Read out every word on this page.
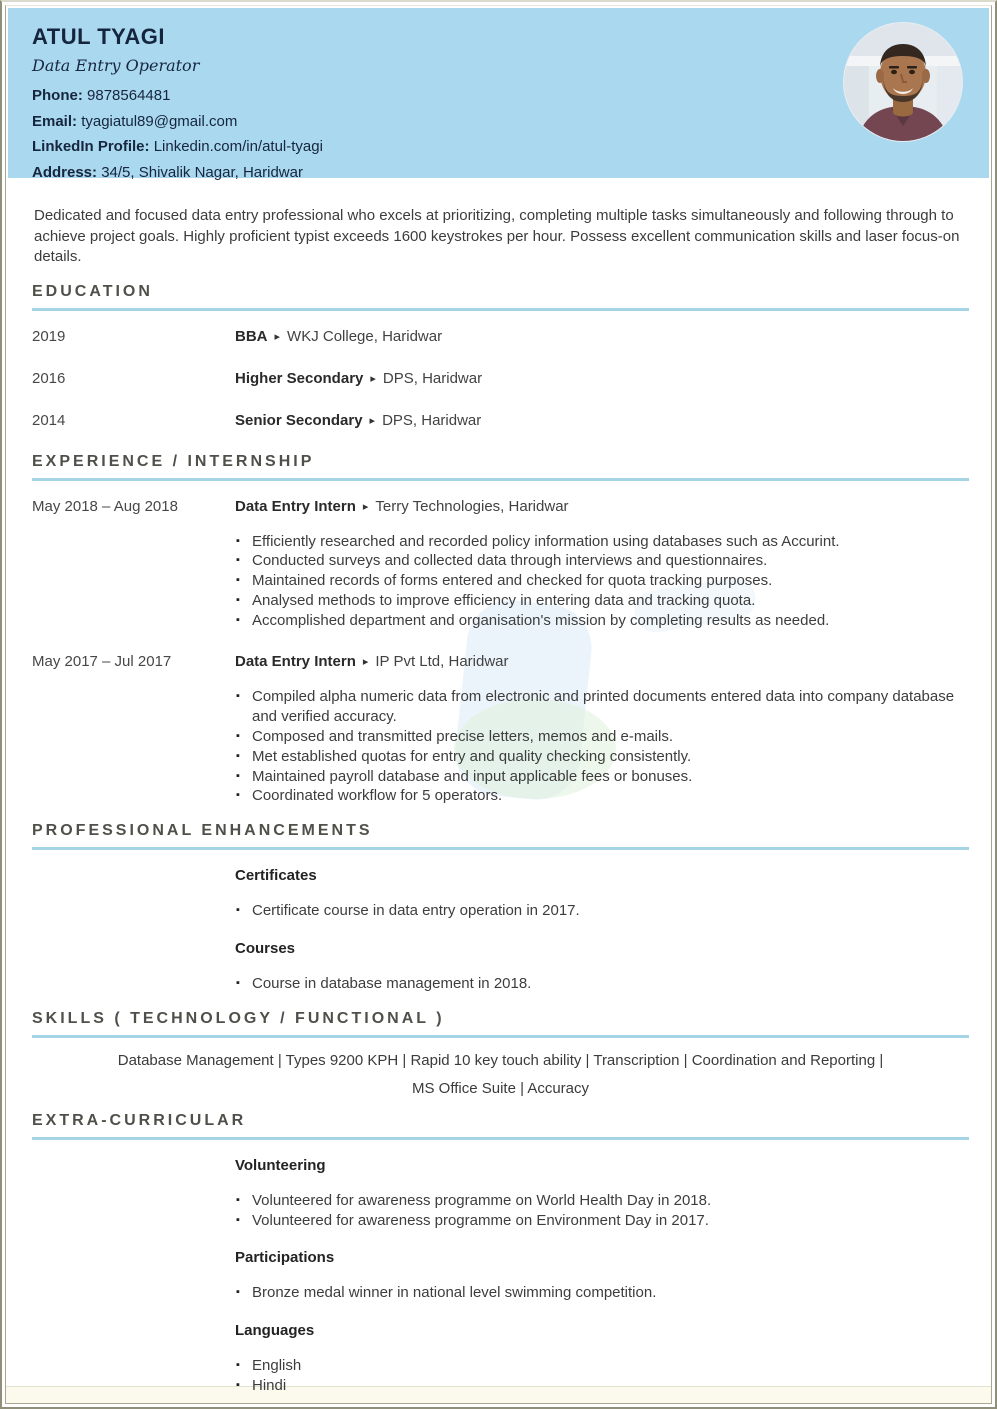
ATUL TYAGI
Data Entry Operator
Phone: 9878564481
Email: tyagiatul89@gmail.com
LinkedIn Profile: Linkedin.com/in/atul-tyagi
Address: 34/5, Shivalik Nagar, Haridwar

Dedicated and focused data entry professional who excels at prioritizing, completing multiple tasks simultaneously and following through to achieve project goals. Highly proficient typist exceeds 1600 keystrokes per hour. Possess excellent communication skills and laser focus-on details.

EDUCATION
2019	BBA ▸ WKJ College, Haridwar
2016	Higher Secondary ▸ DPS, Haridwar
2014	Senior Secondary ▸ DPS, Haridwar
EXPERIENCE / INTERNSHIP
May 2018 – Aug 2018	Data Entry Intern ▸ Terry Technologies, Haridwar
▪ Efficiently researched and recorded policy information using databases such as Accurint.
▪ Conducted surveys and collected data through interviews and questionnaires.
▪ Maintained records of forms entered and checked for quota tracking purposes.
▪ Analysed methods to improve efficiency in entering data and tracking quota.
▪ Accomplished department and organisation's mission by completing results as needed.
May 2017 – Jul 2017	Data Entry Intern ▸ IP Pvt Ltd, Haridwar
▪ Compiled alpha numeric data from electronic and printed documents entered data into company database and verified accuracy.
▪ Composed and transmitted precise letters, memos and e-mails.
▪ Met established quotas for entry and quality checking consistently.
▪ Maintained payroll database and input applicable fees or bonuses.
▪ Coordinated workflow for 5 operators.
PROFESSIONAL ENHANCEMENTS
Certificates
▪ Certificate course in data entry operation in 2017.
Courses
▪ Course in database management in 2018.
SKILLS ( TECHNOLOGY / FUNCTIONAL )
Database Management | Types 9200 KPH | Rapid 10 key touch ability | Transcription | Coordination and Reporting |
MS Office Suite | Accuracy
EXTRA-CURRICULAR
Volunteering
▪ Volunteered for awareness programme on World Health Day in 2018.
▪ Volunteered for awareness programme on Environment Day in 2017.
Participations
▪ Bronze medal winner in national level swimming competition.
Languages
▪ English
▪ Hindi
